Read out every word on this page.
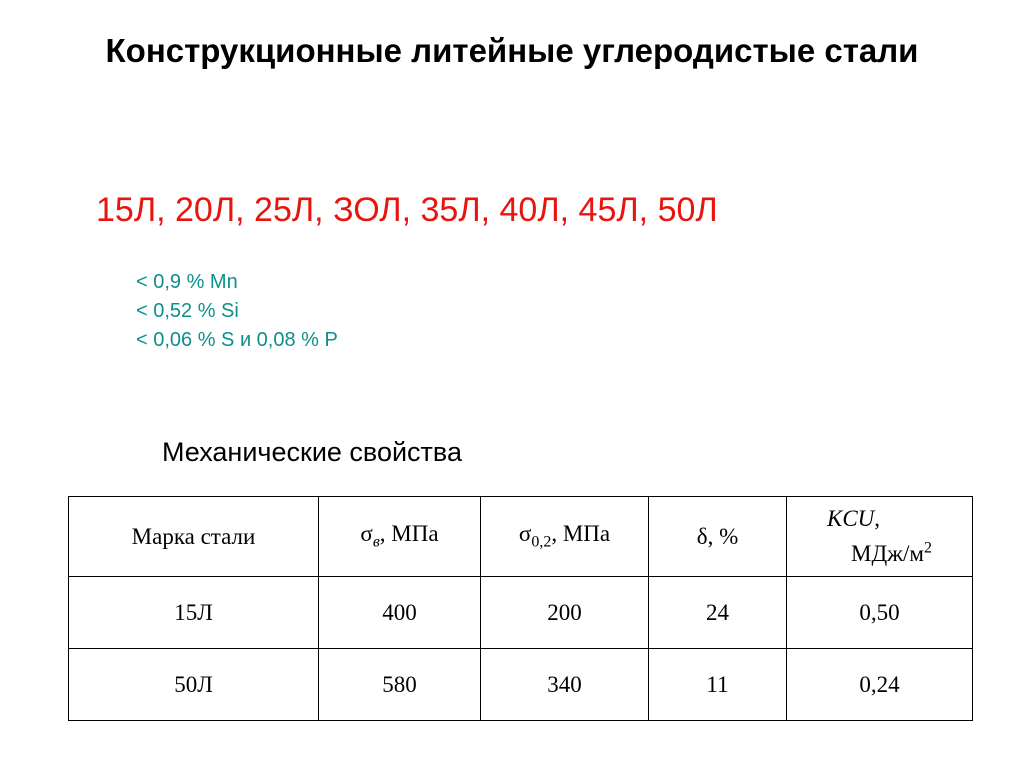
Конструкционные литейные углеродистые стали
15Л, 20Л, 25Л, ЗОЛ, 35Л, 40Л, 45Л, 50Л
< 0,9 % Mn
< 0,52 % Si
< 0,06 % S и 0,08 % P
Механические свойства
Марка стали	$\sigma_в$, МПа	$\sigma_{0,2}$, МПа	δ, %	KCU,
МДж/$м^2$
15Л	400	200	24	0,50
50Л	580	340	11	0,24
